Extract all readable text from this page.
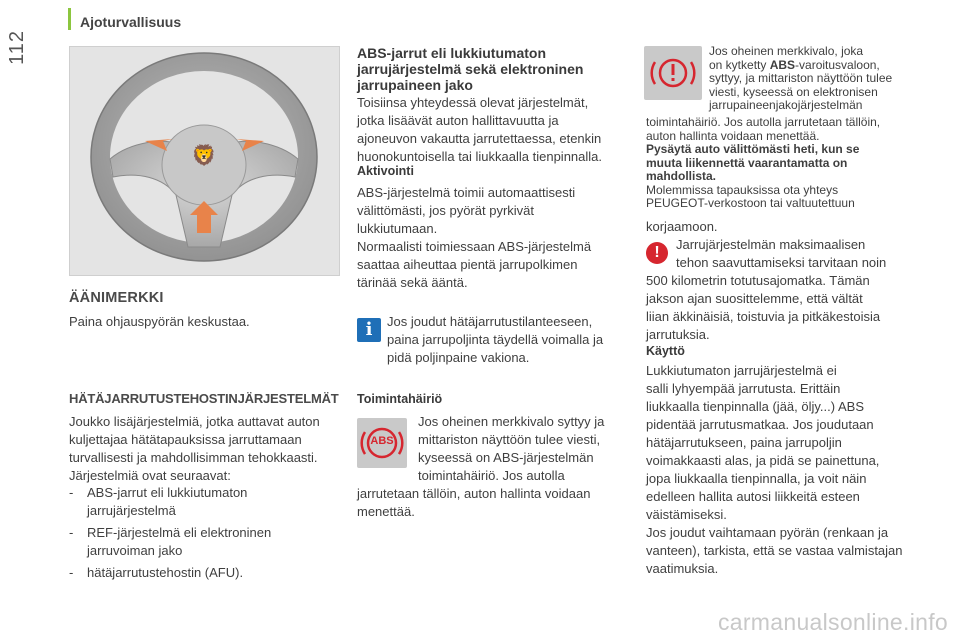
Ajoturvallisuus
112
🦁
ÄÄNIMERKKI
Paina ohjauspyörän keskustaa.
HÄTÄJARRUTUSTEHOSTINJÄRJESTELMÄT
Joukko lisäjärjestelmiä, jotka auttavat auton
kuljettajaa hätätapauksissa jarruttamaan
turvallisesti ja mahdollisimman tehokkaasti.
Järjestelmiä ovat seuraavat:
- ABS-jarrut eli lukkiutumaton
jarrujärjestelmä
- REF-järjestelmä eli elektroninen
jarruvoiman jako
- hätäjarrutustehostin (AFU).
ABS-jarrut eli lukkiutumaton
jarrujärjestelmä sekä elektroninen
jarrupaineen jako
Toisiinsa yhteydessä olevat järjestelmät,
jotka lisäävät auton hallittavuutta ja
ajoneuvon vakautta jarrutettaessa, etenkin
huonokuntoisella tai liukkaalla tienpinnalla.
Aktivointi
ABS-järjestelmä toimii automaattisesti
välittömästi, jos pyörät pyrkivät
lukkiutumaan.
Normaalisti toimiessaan ABS-järjestelmä
saattaa aiheuttaa pientä jarrupolkimen
tärinää sekä ääntä.
i	Jos joudut hätäjarrutustilanteeseen,
paina jarrupoljinta täydellä voimalla ja
pidä poljinpaine vakiona.
Toimintahäiriö
ABS
Jos oheinen merkkivalo syttyy ja
mittariston näyttöön tulee viesti,
kyseessä on ABS-järjestelmän
toimintahäiriö. Jos autolla
jarrutetaan tällöin, auton hallinta voidaan
menettää.
Jos oheinen merkkivalo, joka
on kytketty ABS-varoitusvaloon,
syttyy, ja mittariston näyttöön tulee
viesti, kyseessä on elektronisen
jarrupaineenjakojärjestelmän
toimintahäiriö. Jos autolla jarrutetaan tällöin,
auton hallinta voidaan menettää.
Pysäytä auto välittömästi heti, kun se
muuta liikennettä vaarantamatta on
mahdollista.
Molemmissa tapauksissa ota yhteys
PEUGEOT-verkostoon tai valtuutettuun
korjaamoon.
!	Jarrujärjestelmän maksimaalisen
tehon saavuttamiseksi tarvitaan noin
500 kilometrin totutusajomatka. Tämän
jakson ajan suosittelemme, että vältät
liian äkkinäisiä, toistuvia ja pitkäkestoisia
jarrutuksia.
Käyttö
Lukkiutumaton jarrujärjestelmä ei
salli lyhyempää jarrutusta. Erittäin
liukkaalla tienpinnalla (jää, öljy...) ABS
pidentää jarrutusmatkaa. Jos joudutaan
hätäjarrutukseen, paina jarrupoljin
voimakkaasti alas, ja pidä se painettuna,
jopa liukkaalla tienpinnalla, ja voit näin
edelleen hallita autosi liikkeitä esteen
väistämiseksi.
Jos joudut vaihtamaan pyörän (renkaan ja
vanteen), tarkista, että se vastaa valmistajan
vaatimuksia.
carmanualsonline.info
